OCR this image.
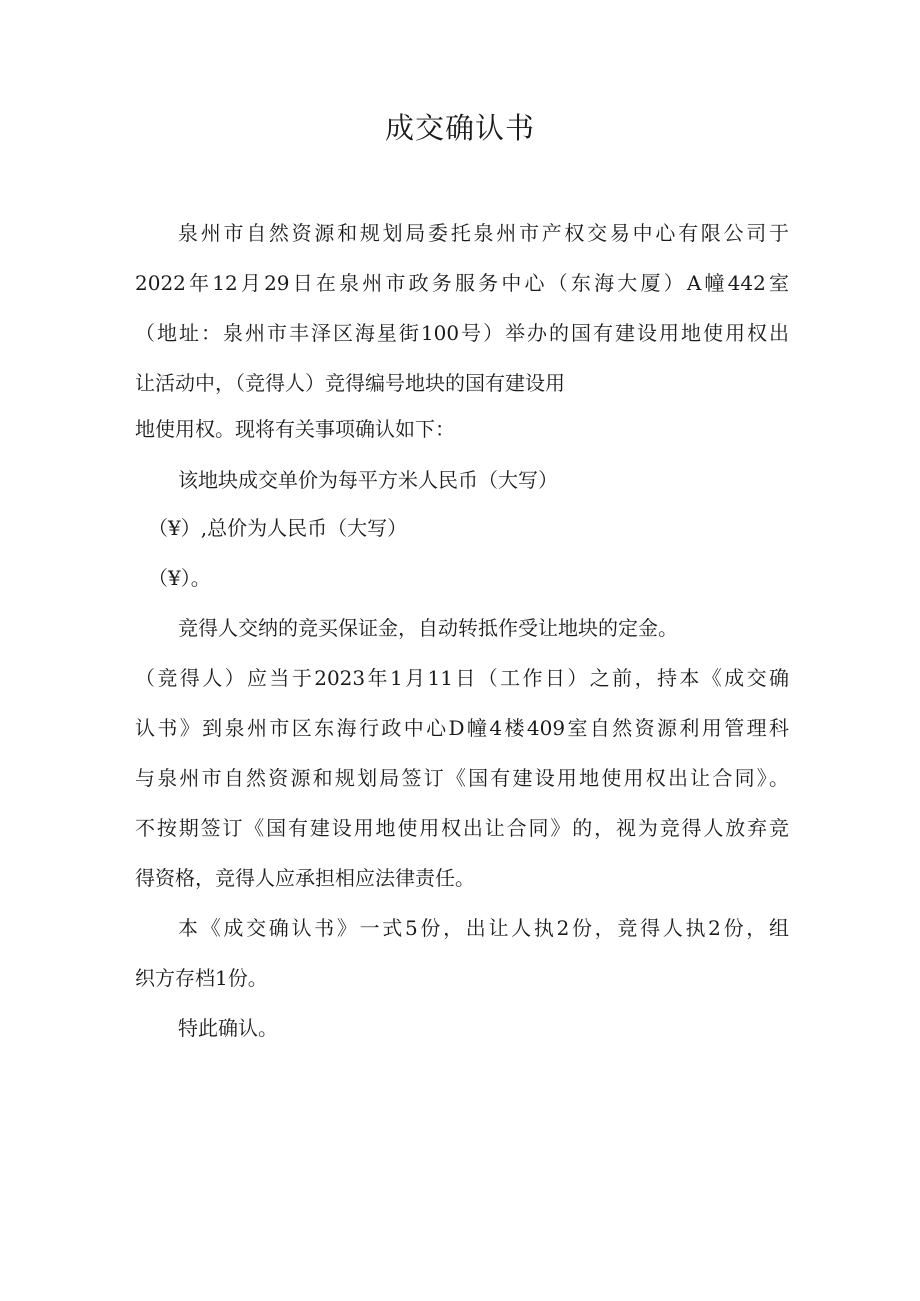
成交确认书
泉州市自然资源和规划局委托泉州市产权交易中心有限公司于
2022年12月29日在泉州市政务服务中心（东海大厦）A幢442室
（地址：泉州市丰泽区海星街100号）举办的国有建设用地使用权出
让活动中，（竞得人）竞得编号地块的国有建设用
地使用权。现将有关事项确认如下：
该地块成交单价为每平方米人民币（大写）
（¥）,总价为人民币（大写）
（¥）。
竞得人交纳的竞买保证金，自动转抵作受让地块的定金。
（竞得人）应当于2023年1月11日（工作日）之前，持本《成交确
认书》到泉州市区东海行政中心D幢4楼409室自然资源利用管理科
与泉州市自然资源和规划局签订《国有建设用地使用权出让合同》。
不按期签订《国有建设用地使用权出让合同》的，视为竞得人放弃竞
得资格，竞得人应承担相应法律责任。
本《成交确认书》一式5份，出让人执2份，竞得人执2份，组
织方存档1份。
特此确认。
